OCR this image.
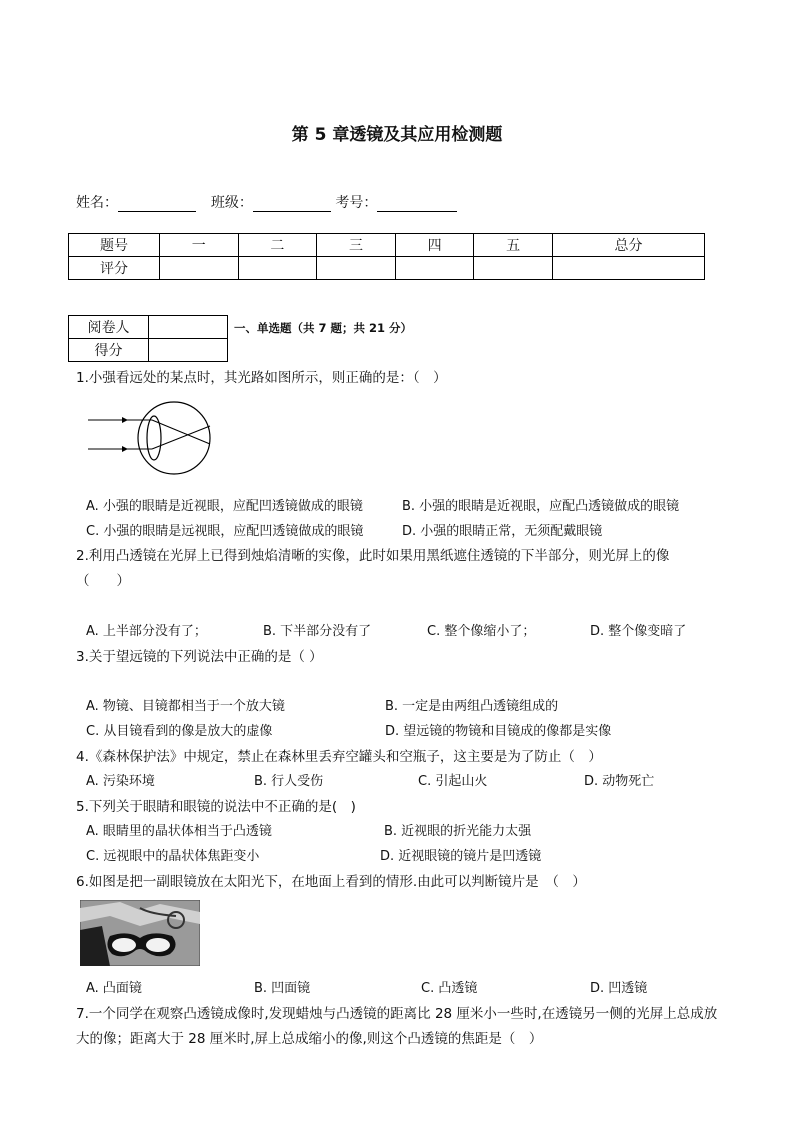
第 5 章透镜及其应用检测题
姓名：	班级：	考号：
题号	一	二	三	四	五	总分
评分						
阅卷人	
得分	
一、单选题（共 7 题；共 21 分）
1.小强看远处的某点时，其光路如图所示，则正确的是：（　）
A. 小强的眼睛是近视眼，应配凹透镜做成的眼镜	B. 小强的眼睛是近视眼，应配凸透镜做成的眼镜
C. 小强的眼睛是远视眼，应配凹透镜做成的眼镜	D. 小强的眼睛正常，无须配戴眼镜
2.利用凸透镜在光屏上已得到烛焰清晰的实像，此时如果用黑纸遮住透镜的下半部分，则光屏上的像　（　　）
A. 上半部分没有了；	B. 下半部分没有了	C. 整个像缩小了；	D. 整个像变暗了
3.关于望远镜的下列说法中正确的是（ ）
A. 物镜、目镜都相当于一个放大镜	B. 一定是由两组凸透镜组成的
C. 从目镜看到的像是放大的虚像	D. 望远镜的物镜和目镜成的像都是实像
4.《森林保护法》中规定，禁止在森林里丢弃空罐头和空瓶子，这主要是为了防止（　）
A. 污染环境	B. 行人受伤	C. 引起山火	D. 动物死亡
5.下列关于眼睛和眼镜的说法中不正确的是(　)
A. 眼睛里的晶状体相当于凸透镜	B. 近视眼的折光能力太强
C. 远视眼中的晶状体焦距变小	D. 近视眼镜的镜片是凹透镜
6.如图是把一副眼镜放在太阳光下，在地面上看到的情形.由此可以判断镜片是　（　）
A. 凸面镜	B. 凹面镜	C. 凸透镜	D. 凹透镜
7.一个同学在观察凸透镜成像时,发现蜡烛与凸透镜的距离比 28 厘米小一些时,在透镜另一侧的光屏上总成放大的像；距离大于 28 厘米时,屏上总成缩小的像,则这个凸透镜的焦距是（　）
